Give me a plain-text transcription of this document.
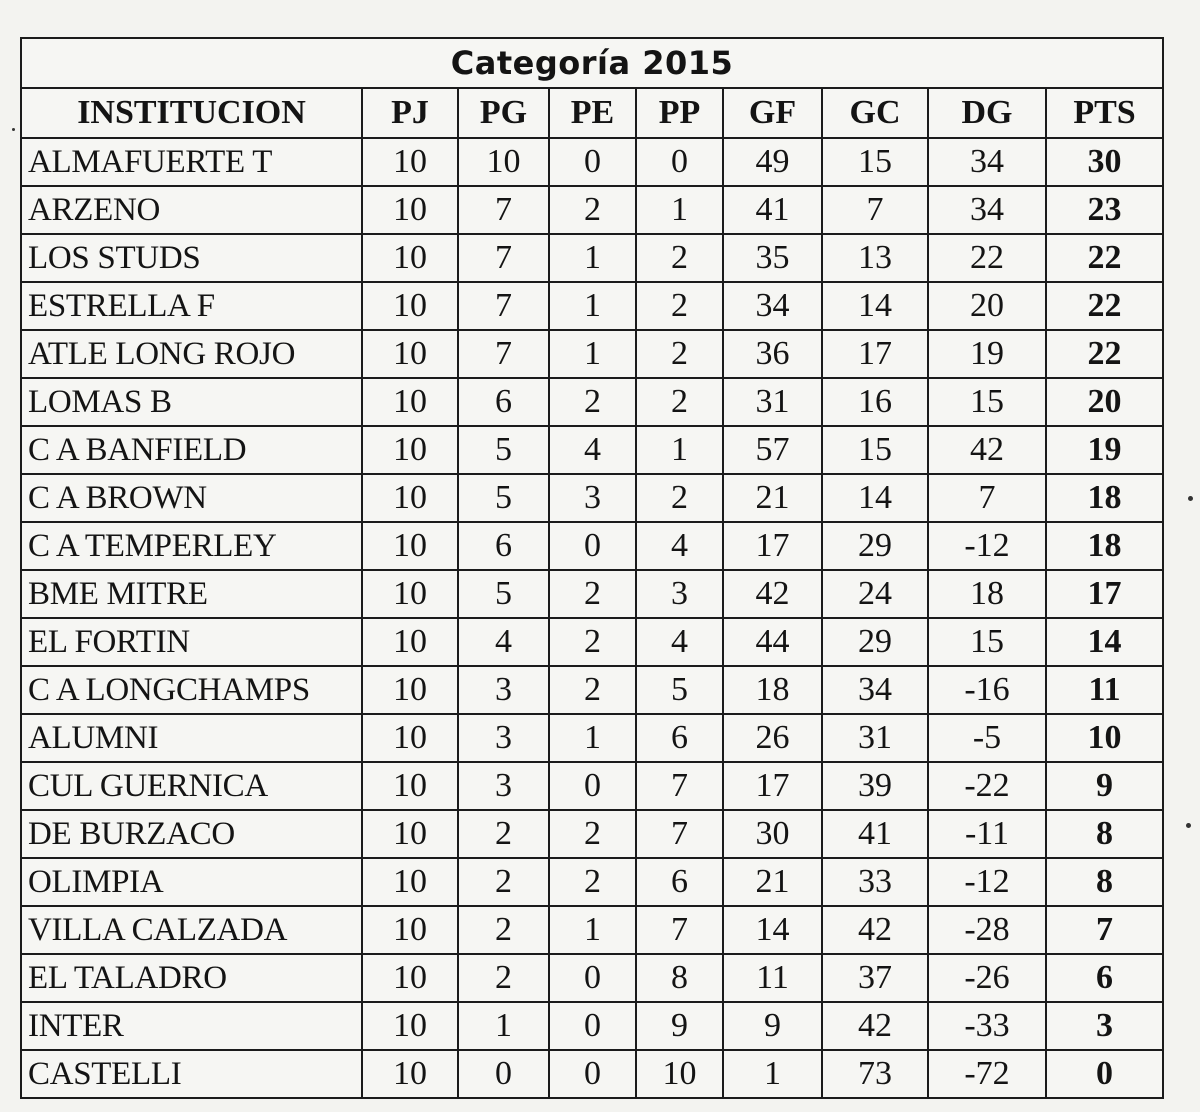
Categoría 2015								
INSTITUCION	PJ	PG	PE	PP	GF	GC	DG	PTS
ALMAFUERTE T	10	10	0	0	49	15	34	30
ARZENO	10	7	2	1	41	7	34	23
LOS STUDS	10	7	1	2	35	13	22	22
ESTRELLA F	10	7	1	2	34	14	20	22
ATLE LONG ROJO	10	7	1	2	36	17	19	22
LOMAS B	10	6	2	2	31	16	15	20
C A BANFIELD	10	5	4	1	57	15	42	19
C A BROWN	10	5	3	2	21	14	7	18
C A TEMPERLEY	10	6	0	4	17	29	-12	18
BME MITRE	10	5	2	3	42	24	18	17
EL FORTIN	10	4	2	4	44	29	15	14
C A LONGCHAMPS	10	3	2	5	18	34	-16	11
ALUMNI	10	3	1	6	26	31	-5	10
CUL GUERNICA	10	3	0	7	17	39	-22	9
DE BURZACO	10	2	2	7	30	41	-11	8
OLIMPIA	10	2	2	6	21	33	-12	8
VILLA CALZADA	10	2	1	7	14	42	-28	7
EL TALADRO	10	2	0	8	11	37	-26	6
INTER	10	1	0	9	9	42	-33	3
CASTELLI	10	0	0	10	1	73	-72	0
